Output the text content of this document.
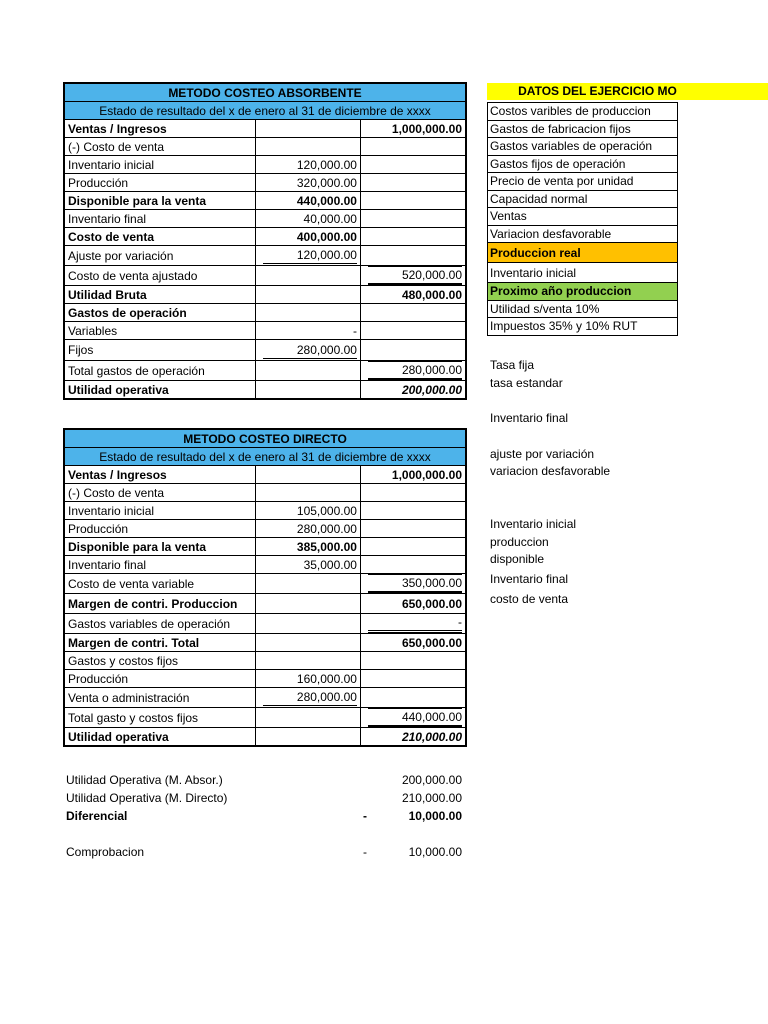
METODO COSTEO ABSORBENTE		
Estado de resultado del x de enero al 31 de diciembre de xxxx		
Ventas / Ingresos		1,000,000.00
(-) Costo de venta		
Inventario inicial	120,000.00	
Producción	320,000.00	
Disponible para la venta	440,000.00	
Inventario final	40,000.00	
Costo de venta	400,000.00	
Ajuste por variación	120,000.00	
Costo de venta ajustado		520,000.00
Utilidad Bruta		480,000.00
Gastos de operación		
Variables	-	
Fijos	280,000.00	
Total gastos de operación		280,000.00
Utilidad operativa		200,000.00
DATOS DEL EJERCICIO MO
Costos varibles de produccion
Gastos de fabricacion fijos
Gastos variables de operación
Gastos fijos de operación
Precio de venta por unidad
Capacidad normal
Ventas
Variacion desfavorable
Produccion real
Inventario inicial
Proximo año produccion
Utilidad s/venta 10%
Impuestos 35% y 10% RUT
Tasa fija
tasa estandar
Inventario final
ajuste por variación
variacion desfavorable
Inventario inicial
produccion
disponible
Inventario final
costo de venta
METODO COSTEO DIRECTO		
Estado de resultado del x de enero al 31 de diciembre de xxxx		
Ventas / Ingresos		1,000,000.00
(-) Costo de venta		
Inventario inicial	105,000.00	
Producción	280,000.00	
Disponible para la venta	385,000.00	
Inventario final	35,000.00	
Costo de venta variable		350,000.00
Margen de contri. Produccion		650,000.00
Gastos variables de operación		-
Margen de contri. Total		650,000.00
Gastos y costos fijos		
Producción	160,000.00	
Venta o administración	280,000.00	
Total gasto y costos fijos		440,000.00
Utilidad operativa		210,000.00
Utilidad Operativa (M. Absor.)	200,000.00
Utilidad Operativa (M. Directo)	210,000.00
Diferencial	-	10,000.00
Comprobacion	-	10,000.00
